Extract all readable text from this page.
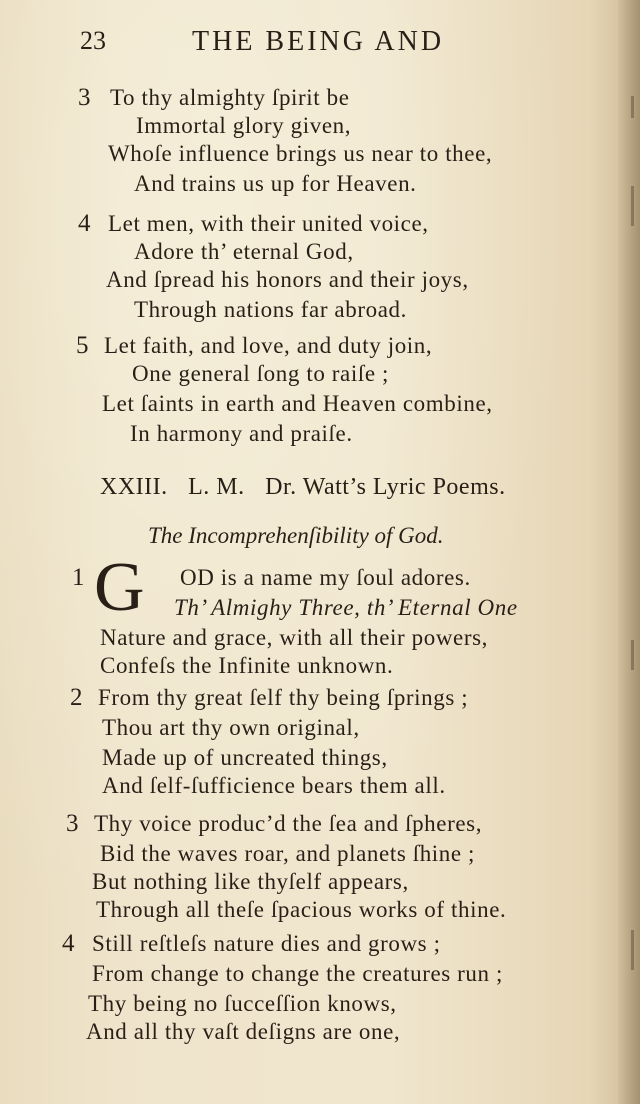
23	THE BEING AND
3 To thy almighty ſpirit be
Immortal glory given,
Whoſe influence brings us near to thee,
And trains us up for Heaven.
4 Let men, with their united voice,
Adore th’ eternal God,
And ſpread his honors and their joys,
Through nations far abroad.
5 Let faith, and love, and duty join,
One general ſong to raiſe ;
Let ſaints in earth and Heaven combine,
In harmony and praiſe.
XXIII. L. M. Dr. Watt’s Lyric Poems.
The Incomprehenſibility of God.
1	OD is a name my ſoul adores.
Th’ Almighy Three, th’ Eternal One
Nature and grace, with all their powers,
Confeſs the Infinite unknown.
G
2 From thy great ſelf thy being ſprings ;
Thou art thy own original,
Made up of uncreated things,
And ſelf-ſufficience bears them all.
3 Thy voice produc’d the ſea and ſpheres,
Bid the waves roar, and planets ſhine ;
But nothing like thyſelf appears,
Through all theſe ſpacious works of thine.
4 Still reſtleſs nature dies and grows ;
From change to change the creatures run ;
Thy being no ſucceſſion knows,
And all thy vaſt deſigns are one,
